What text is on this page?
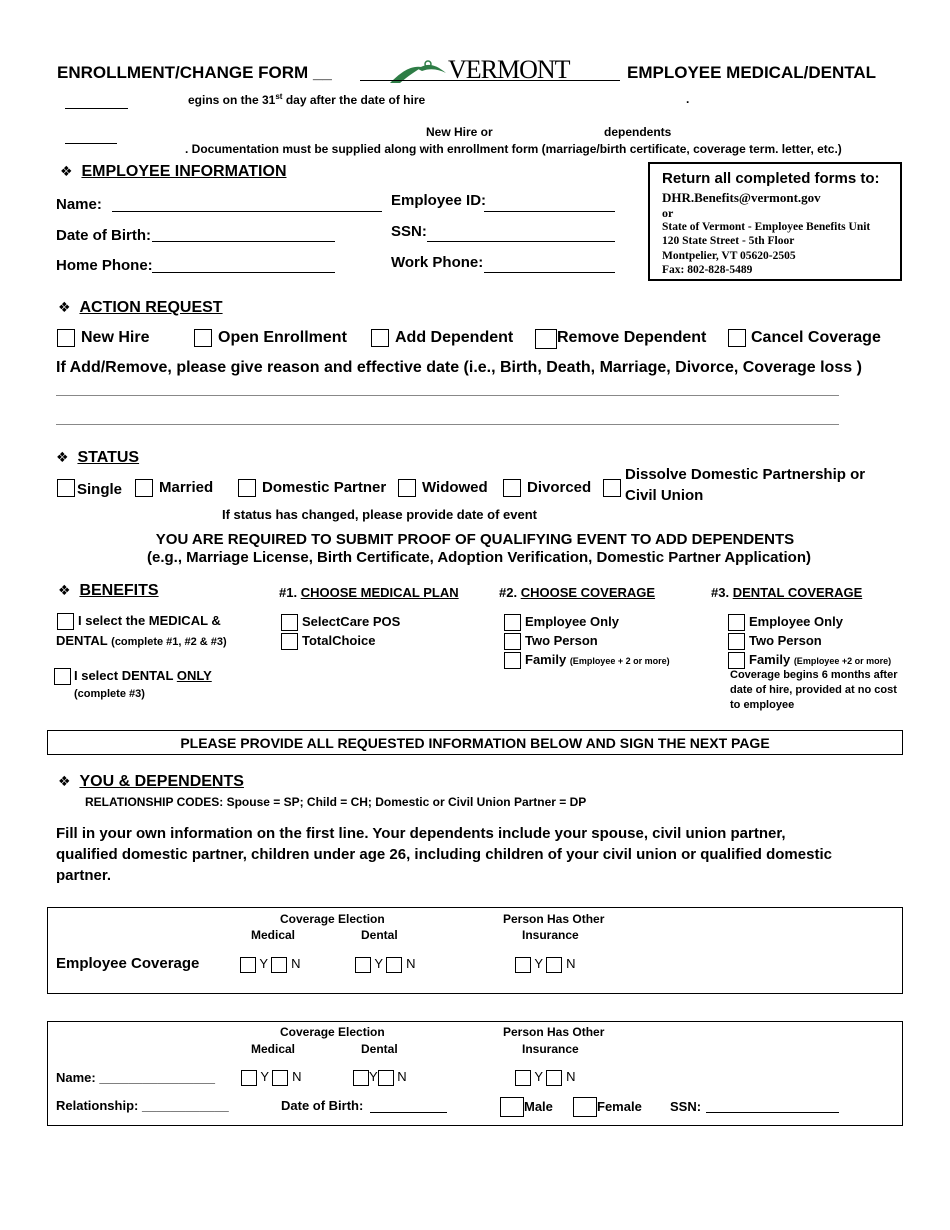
ENROLLMENT/CHANGE FORM __	VERMONT	EMPLOYEE MEDICAL/DENTAL
egins on the 31st day after the date of hire	.
New Hire or	dependents
. Documentation must be supplied along with enrollment form (marriage/birth certificate, coverage term. letter, etc.)
❖ EMPLOYEE INFORMATION
Name:	Employee ID:
Date of Birth:	SSN:
Home Phone:	Work Phone:
Return all completed forms to:
DHR.Benefits@vermont.gov
or
State of Vermont - Employee Benefits Unit
120 State Street - 5th Floor
Montpelier, VT 05620-2505
Fax: 802-828-5489
❖ ACTION REQUEST
New Hire	Open Enrollment	Add Dependent	Remove Dependent	Cancel Coverage
If Add/Remove, please give reason and effective date (i.e., Birth, Death, Marriage, Divorce, Coverage loss )
❖ STATUS
Single Married	Domestic Partner Widowed	Divorced
Dissolve Domestic Partnership or
Civil Union
If status has changed, please provide date of event
YOU ARE REQUIRED TO SUBMIT PROOF OF QUALIFYING EVENT TO ADD DEPENDENTS
(e.g., Marriage License, Birth Certificate, Adoption Verification, Domestic Partner Application)
❖ BENEFITS	#1. CHOOSE MEDICAL PLAN	#2. CHOOSE COVERAGE	#3. DENTAL COVERAGE
I select the MEDICAL &
DENTAL (complete #1, #2 & #3)
I select DENTAL ONLY
(complete #3)
SelectCare POS
TotalChoice
Employee Only
Two Person
Family (Employee + 2 or more)
Employee Only
Two Person
Family (Employee +2 or more)
Coverage begins 6 months after
date of hire, provided at no cost
to employee
PLEASE PROVIDE ALL REQUESTED INFORMATION BELOW AND SIGN THE NEXT PAGE
❖ YOU & DEPENDENTS
RELATIONSHIP CODES: Spouse = SP; Child = CH; Domestic or Civil Union Partner = DP
Fill in your own information on the first line. Your dependents include your spouse, civil union partner,
qualified domestic partner, children under age 26, including children of your civil union or qualified domestic
partner.
Coverage Election
Medical	Dental
Person Has Other
Insurance
Employee Coverage	Y N	Y N	Y N
Coverage Election
Medical	Dental
Person Has Other
Insurance
Name: ________________	Y N	Y N	Y N
Relationship: ____________	Date of Birth:	Male	Female SSN:
